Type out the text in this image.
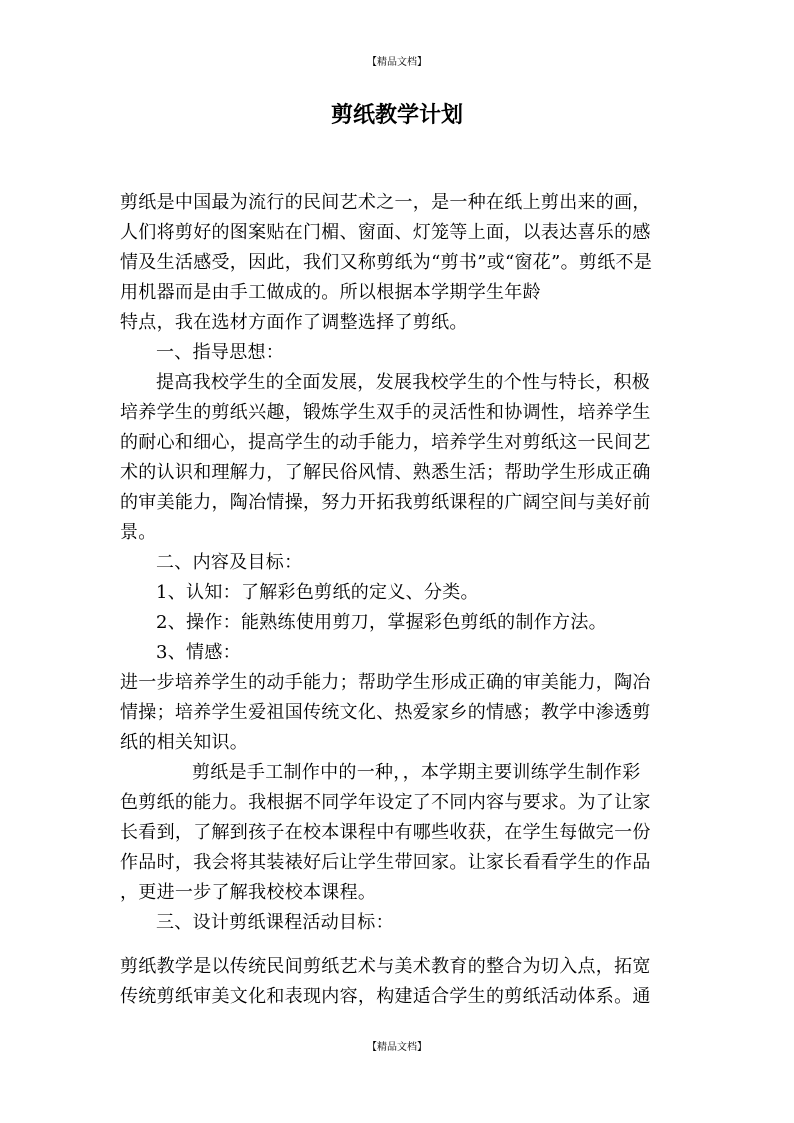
【精品文档】
剪纸教学计划

剪纸是中国最为流行的民间艺术之一，是一种在纸上剪出来的画，

人们将剪好的图案贴在门楣、窗面、灯笼等上面，以表达喜乐的感

情及生活感受，因此，我们又称剪纸为“剪书”或“窗花”。剪纸不是

用机器而是由手工做成的。所以根据本学期学生年龄

特点，我在选材方面作了调整选择了剪纸。

一、指导思想：

提高我校学生的全面发展，发展我校学生的个性与特长，积极

培养学生的剪纸兴趣，锻炼学生双手的灵活性和协调性，培养学生

的耐心和细心，提高学生的动手能力，培养学生对剪纸这一民间艺

术的认识和理解力，了解民俗风情、熟悉生活；帮助学生形成正确

的审美能力，陶冶情操，努力开拓我剪纸课程的广阔空间与美好前

景。

二、内容及目标：

1、认知：了解彩色剪纸的定义、分类。

2、操作：能熟练使用剪刀，掌握彩色剪纸的制作方法。

3、情感：

进一步培养学生的动手能力；帮助学生形成正确的审美能力，陶冶

情操；培养学生爱祖国传统文化、热爱家乡的情感；教学中渗透剪

纸的相关知识。

剪纸是手工制作中的一种，，本学期主要训练学生制作彩

色剪纸的能力。我根据不同学年设定了不同内容与要求。为了让家

长看到，了解到孩子在校本课程中有哪些收获，在学生每做完一份

作品时，我会将其装裱好后让学生带回家。让家长看看学生的作品

，更进一步了解我校校本课程。

三、设计剪纸课程活动目标：

剪纸教学是以传统民间剪纸艺术与美术教育的整合为切入点，拓宽

传统剪纸审美文化和表现内容，构建适合学生的剪纸活动体系。通

【精品文档】
